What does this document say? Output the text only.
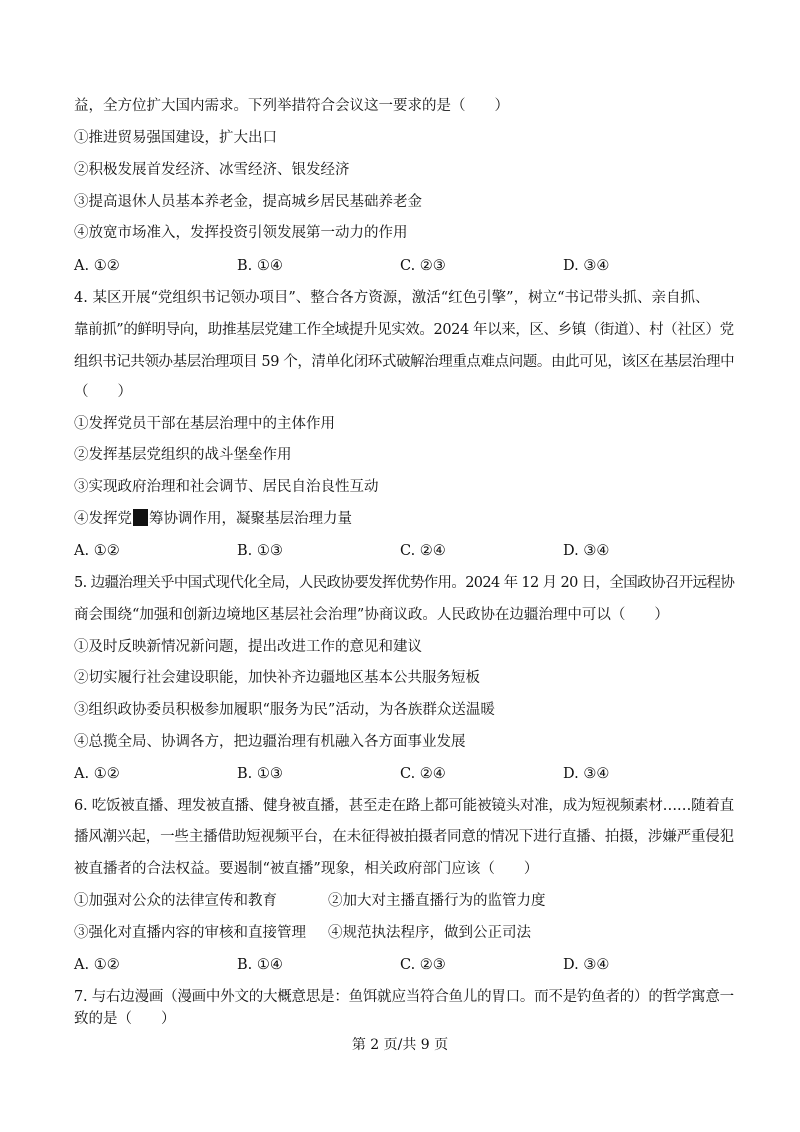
益，全方位扩大国内需求。下列举措符合会议这一要求的是（　　）
①推进贸易强国建设，扩大出口
②积极发展首发经济、冰雪经济、银发经济
③提高退休人员基本养老金，提高城乡居民基础养老金
④放宽市场准入，发挥投资引领发展第一动力的作用
A. ①②	B. ①④	C. ②③	D. ③④
4. 某区开展“党组织书记领办项目”、整合各方资源，激活“红色引擎”，树立“书记带头抓、亲自抓、
靠前抓”的鲜明导向，助推基层党建工作全域提升见实效。2024 年以来，区、乡镇（街道）、村（社区）党
组织书记共领办基层治理项目 59 个，清单化闭环式破解治理重点难点问题。由此可见，该区在基层治理中
（　　）
①发挥党员干部在基层治理中的主体作用
②发挥基层党组织的战斗堡垒作用
③实现政府治理和社会调节、居民自治良性互动
④发挥党 筹协调作用，凝聚基层治理力量
A. ①②	B. ①③	C. ②④	D. ③④
5. 边疆治理关乎中国式现代化全局，人民政协要发挥优势作用。2024 年 12 月 20 日，全国政协召开远程协
商会围绕“加强和创新边境地区基层社会治理”协商议政。人民政协在边疆治理中可以（　　）
①及时反映新情况新问题，提出改进工作的意见和建议
②切实履行社会建设职能，加快补齐边疆地区基本公共服务短板
③组织政协委员积极参加履职“服务为民”活动，为各族群众送温暖
④总揽全局、协调各方，把边疆治理有机融入各方面事业发展
A. ①②	B. ①③	C. ②④	D. ③④
6. 吃饭被直播、理发被直播、健身被直播，甚至走在路上都可能被镜头对准，成为短视频素材……随着直
播风潮兴起，一些主播借助短视频平台，在未征得被拍摄者同意的情况下进行直播、拍摄，涉嫌严重侵犯
被直播者的合法权益。要遏制“被直播”现象，相关政府部门应该（　　）
①加强对公众的法律宣传和教育	②加大对主播直播行为的监管力度
③强化对直播内容的审核和直接管理 ④规范执法程序，做到公正司法
A. ①②	B. ①④	C. ②③	D. ③④
7. 与右边漫画（漫画中外文的大概意思是：鱼饵就应当符合鱼儿的胃口。而不是钓鱼者的）的哲学寓意一
致的是（　　）
第 2 页/共 9 页
